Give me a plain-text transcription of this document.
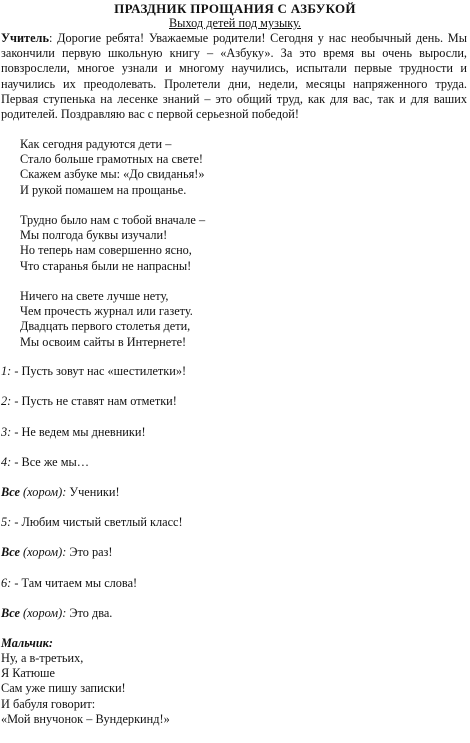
ПРАЗДНИК ПРОЩАНИЯ С АЗБУКОЙ
Выход детей под музыку.

Учитель: Дорогие ребята! Уважаемые родители! Сегодня у нас необычный день. Мы закончили первую школьную книгу – «Азбуку». За это время вы очень выросли, повзрослели, многое узнали и многому научились, испытали первые трудности и научились их преодолевать. Пролетели дни, недели, месяцы напряженного труда. Первая ступенька на лесенке знаний – это общий труд, как для вас, так и для ваших родителей. Поздравляю вас с первой серьезной победой!

Как сегодня радуются дети –
Стало больше грамотных на свете!
Скажем азбуке мы: «До свиданья!»
И рукой помашем на прощанье.
Трудно было нам с тобой вначале –
Мы полгода буквы изучали!
Но теперь нам совершенно ясно,
Что старанья были не напрасны!
Ничего на свете лучше нету,
Чем прочесть журнал или газету.
Двадцать первого столетья дети,
Мы освоим сайты в Интернете!

1: - Пусть зовут нас «шестилетки»!

2: - Пусть не ставят нам отметки!

3: - Не ведем мы дневники!

4: - Все же мы…

Все (хором): Ученики!

5: - Любим чистый светлый класс!

Все (хором): Это раз!

6: - Там читаем мы слова!

Все (хором): Это два.

Мальчик:

Ну, а в-третьих,

Я Катюше

Сам уже пишу записки!

И бабуля говорит:

«Мой внучонок – Вундеркинд!»
